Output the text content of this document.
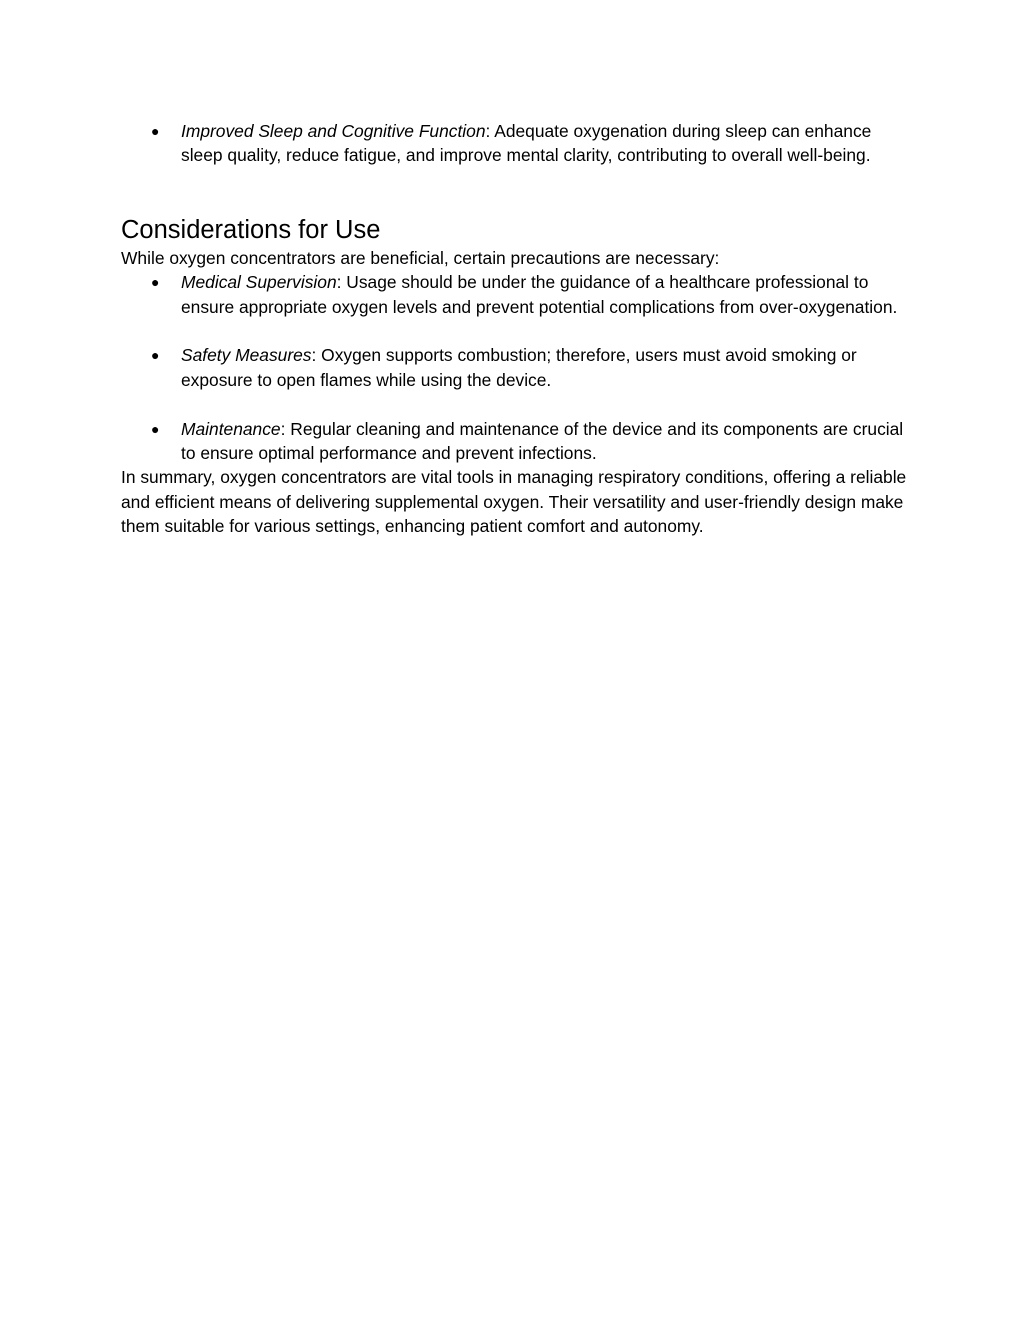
● Improved Sleep and Cognitive Function: Adequate oxygenation during sleep can enhance sleep quality, reduce fatigue, and improve mental clarity, contributing to overall well-being.
Considerations for Use

While oxygen concentrators are beneficial, certain precautions are necessary:

● Medical Supervision: Usage should be under the guidance of a healthcare professional to ensure appropriate oxygen levels and prevent potential complications from over-oxygenation.
● Safety Measures: Oxygen supports combustion; therefore, users must avoid smoking or exposure to open flames while using the device.
● Maintenance: Regular cleaning and maintenance of the device and its components are crucial to ensure optimal performance and prevent infections.

In summary, oxygen concentrators are vital tools in managing respiratory conditions, offering a reliable and efficient means of delivering supplemental oxygen. Their versatility and user-friendly design make them suitable for various settings, enhancing patient comfort and autonomy.
